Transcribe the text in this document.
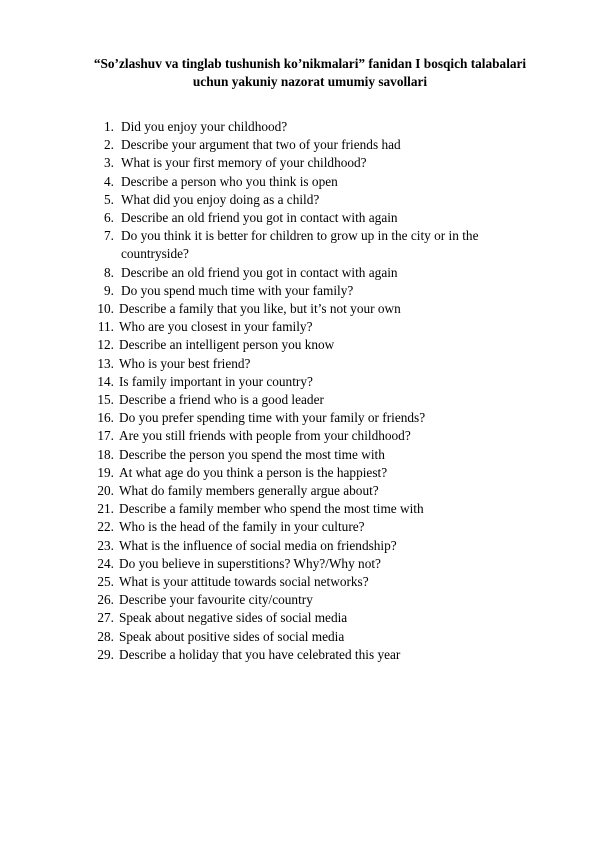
“So’zlashuv va tinglab tushunish ko’nikmalari” fanidan I bosqich talabalari
uchun yakuniy nazorat umumiy savollari
1. Did you enjoy your childhood?
2. Describe your argument that two of your friends had
3. What is your first memory of your childhood?
4. Describe a person who you think is open
5. What did you enjoy doing as a child?
6. Describe an old friend you got in contact with again
7. Do you think it is better for children to grow up in the city or in the countryside?
8. Describe an old friend you got in contact with again
9. Do you spend much time with your family?
10. Describe a family that you like, but it’s not your own
11. Who are you closest in your family?
12. Describe an intelligent person you know
13. Who is your best friend?
14. Is family important in your country?
15. Describe a friend who is a good leader
16. Do you prefer spending time with your family or friends?
17. Are you still friends with people from your childhood?
18. Describe the person you spend the most time with
19. At what age do you think a person is the happiest?
20. What do family members generally argue about?
21. Describe a family member who spend the most time with
22. Who is the head of the family in your culture?
23. What is the influence of social media on friendship?
24. Do you believe in superstitions? Why?/Why not?
25. What is your attitude towards social networks?
26. Describe your favourite city/country
27. Speak about negative sides of social media
28. Speak about positive sides of social media
29. Describe a holiday that you have celebrated this year
